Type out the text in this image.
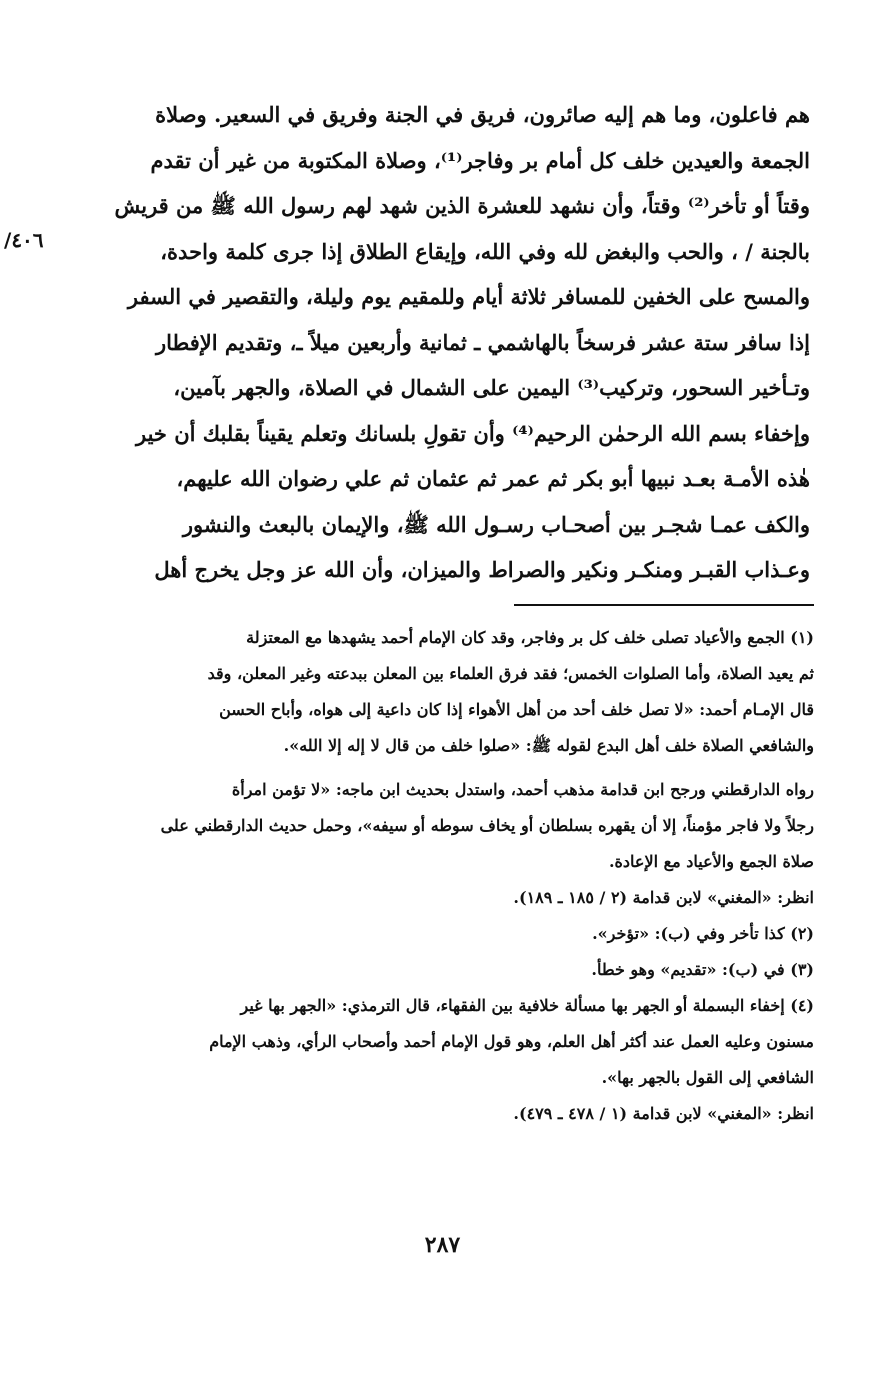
٤٠٦/
هم فاعلون، وما هم إليه صائرون، فريق في الجنة وفريق في السعير. وصلاة
الجمعة والعيدين خلف كل أمام بر وفاجر⁽¹⁾، وصلاة المكتوبة من غير أن تقدم
وقتاً أو تأخر⁽²⁾ وقتاً، وأن نشهد للعشرة الذين شهد لهم رسول الله ﷺ من قريش
بالجنة / ، والحب والبغض لله وفي الله، وإيقاع الطلاق إذا جرى كلمة واحدة،
والمسح على الخفين للمسافر ثلاثة أيام وللمقيم يوم وليلة، والتقصير في السفر
إذا سافر ستة عشر فرسخاً بالهاشمي ـ ثمانية وأربعين ميلاً ـ، وتقديم الإفطار
وتـأخير السحور، وتركيب⁽³⁾ اليمين على الشمال في الصلاة، والجهر بآمين،
وإخفاء بسم الله الرحمٰن الرحيم⁽⁴⁾ وأن تقولِ بلسانك وتعلم يقيناً بقلبك أن خير
هٰذه الأمـة بعـد نبيها أبو بكر ثم عمر ثم عثمان ثم علي رضوان الله عليهم،
والكف عمـا شجـر بين أصحـاب رسـول الله ﷺ، والإيمان بالبعث والنشور
وعـذاب القبـر ومنكـر ونكير والصراط والميزان، وأن الله عز وجل يخرج أهل
(١) الجمع والأعياد تصلى خلف كل بر وفاجر، وقد كان الإمام أحمد يشهدها مع المعتزلة
ثم يعيد الصلاة، وأما الصلوات الخمس؛ فقد فرق العلماء بين المعلن ببدعته وغير المعلن، وقد
قال الإمـام أحمد: «لا تصل خلف أحد من أهل الأهواء إذا كان داعية إلى هواه، وأباح الحسن
والشافعي الصلاة خلف أهل البدع لقوله ﷺ: «صلوا خلف من قال لا إله إلا الله».
رواه الدارقطني ورجح ابن قدامة مذهب أحمد، واستدل بحديث ابن ماجه: «لا تؤمن امرأة
رجلاً ولا فاجر مؤمناً، إلا أن يقهره بسلطان أو يخاف سوطه أو سيفه»، وحمل حديث الدارقطني على
صلاة الجمع والأعياد مع الإعادة.
انظر: «المغني» لابن قدامة (٢ / ١٨٥ ـ ١٨٩).
(٢) كذا تأخر وفي (ب): «تؤخر».
(٣) في (ب): «تقديم» وهو خطأ.
(٤) إخفاء البسملة أو الجهر بها مسألة خلافية بين الفقهاء، قال الترمذي: «الجهر بها غير
مسنون وعليه العمل عند أكثر أهل العلم، وهو قول الإمام أحمد وأصحاب الرأي، وذهب الإمام
الشافعي إلى القول بالجهر بها».
انظر: «المغني» لابن قدامة (١ / ٤٧٨ ـ ٤٧٩).
٢٨٧
